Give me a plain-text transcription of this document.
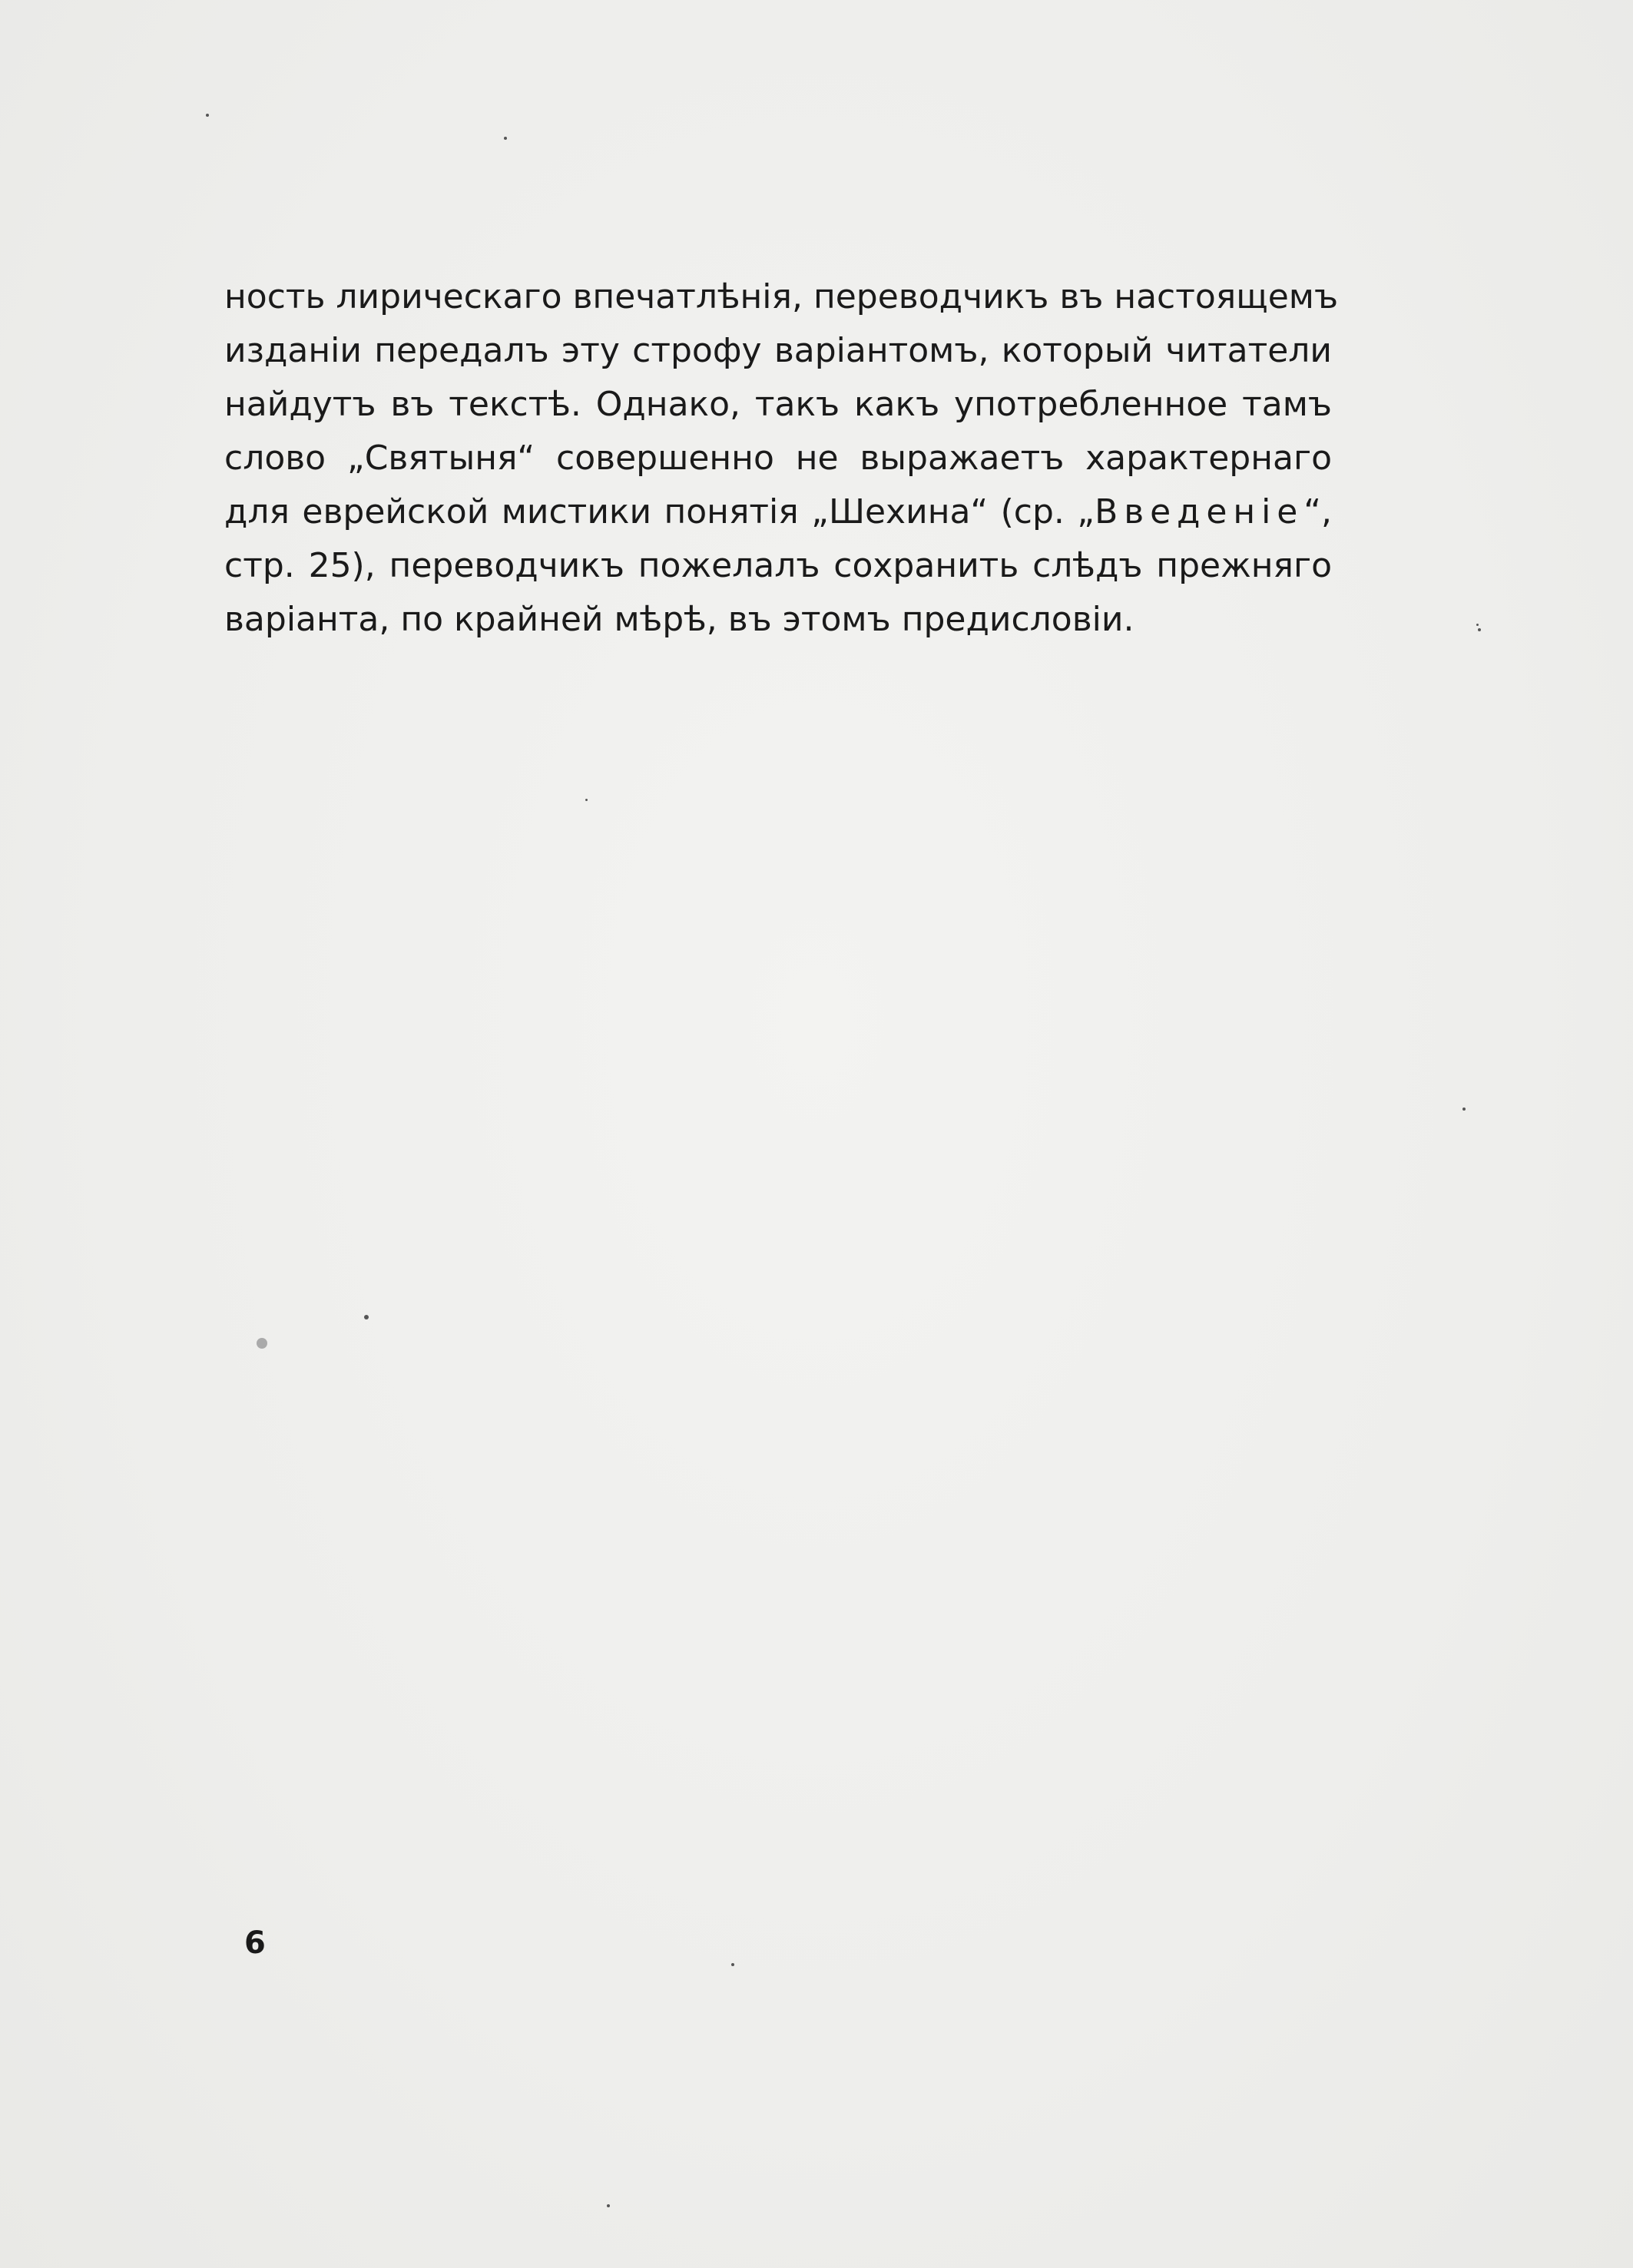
ность лирическаго впечатлѣнія, переводчикъ въ настоящемъ
изданіи передалъ эту строфу варіантомъ, который читатели
найдутъ въ текстѣ. Однако, такъ какъ употребленное тамъ
слово „Святыня“ совершенно не выражаетъ характернаго
для еврейской мистики понятія „Шехина“ (ср. „Введеніе“,
стр. 25), переводчикъ пожелалъ сохранить слѣдъ прежняго
варіанта, по крайней мѣрѣ, въ этомъ предисловіи.
6
